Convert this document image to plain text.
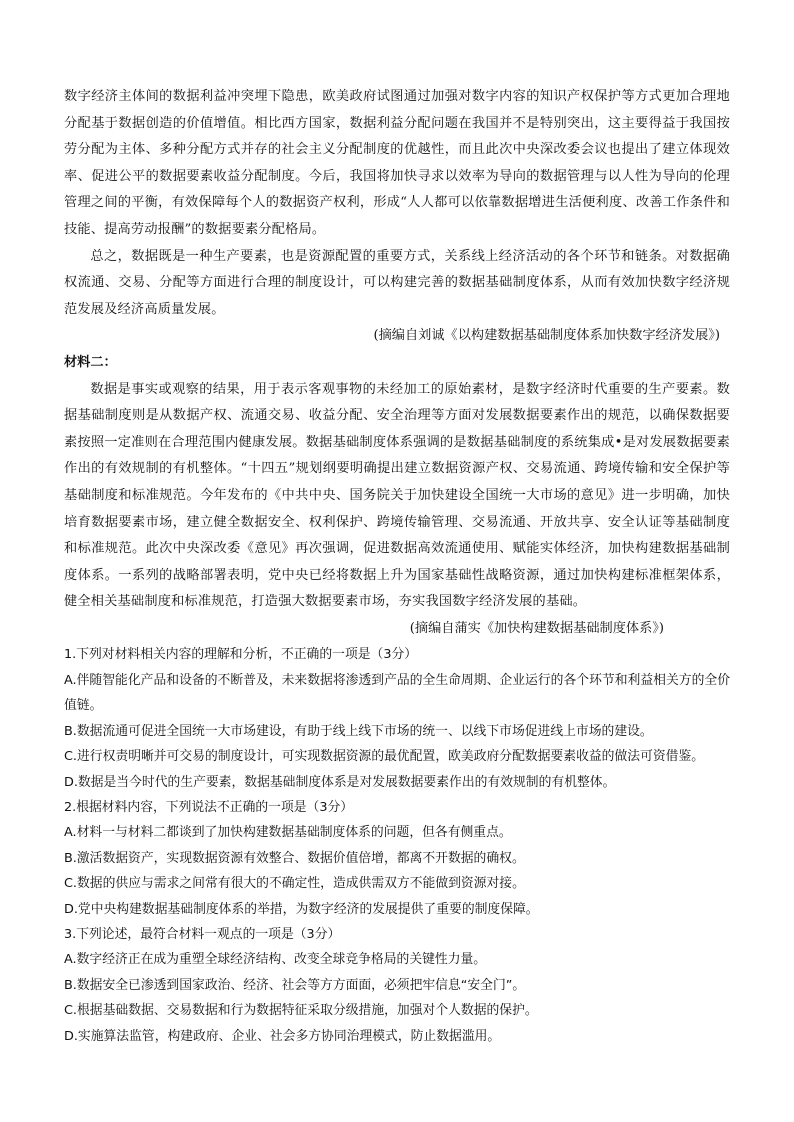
数字经济主体间的数据利益冲突埋下隐患，欧美政府试图通过加强对数字内容的知识产权保护等方式更加合理地分配基于数据创造的价值增值。相比西方国家，数据利益分配问题在我国并不是特别突出，这主要得益于我国按劳分配为主体、多种分配方式并存的社会主义分配制度的优越性，而且此次中央深改委会议也提出了建立体现效率、促进公平的数据要素收益分配制度。今后，我国将加快寻求以效率为导向的数据管理与以人性为导向的伦理管理之间的平衡，有效保障每个人的数据资产权利，形成“人人都可以依靠数据增进生活便利度、改善工作条件和技能、提高劳动报酬”的数据要素分配格局。

总之，数据既是一种生产要素，也是资源配置的重要方式，关系线上经济活动的各个环节和链条。对数据确权流通、交易、分配等方面进行合理的制度设计，可以构建完善的数据基础制度体系，从而有效加快数字经济规范发展及经济高质量发展。

(摘编自刘诚《以构建数据基础制度体系加快数字经济发展》)

材料二：

数据是事实或观察的结果，用于表示客观事物的未经加工的原始素材，是数字经济时代重要的生产要素。数据基础制度则是从数据产权、流通交易、收益分配、安全治理等方面对发展数据要素作出的规范，以确保数据要素按照一定准则在合理范围内健康发展。数据基础制度体系强调的是数据基础制度的系统集成•是对发展数据要素作出的有效规制的有机整体。“十四五”规划纲要明确提出建立数据资源产权、交易流通、跨境传输和安全保护等基础制度和标准规范。今年发布的《中共中央、国务院关于加快建设全国统一大市场的意见》进一步明确，加快培育数据要素市场，建立健全数据安全、权利保护、跨境传输管理、交易流通、开放共享、安全认证等基础制度和标准规范。此次中央深改委《意见》再次强调，促进数据高效流通使用、赋能实体经济，加快构建数据基础制度体系。一系列的战略部署表明，党中央已经将数据上升为国家基础性战略资源，通过加快构建标准框架体系，健全相关基础制度和标准规范，打造强大数据要素市场，夯实我国数字经济发展的基础。

(摘编自蒲实《加快构建数据基础制度体系》)

1.下列对材料相关内容的理解和分析，不正确的一项是（3分）

A.伴随智能化产品和设备的不断普及，未来数据将渗透到产品的全生命周期、企业运行的各个环节和利益相关方的全价值链。

B.数据流通可促进全国统一大市场建设，有助于线上线下市场的统一、以线下市场促进线上市场的建设。

C.进行权责明晰并可交易的制度设计，可实现数据资源的最优配置，欧美政府分配数据要素收益的做法可资借鉴。

D.数据是当今时代的生产要素，数据基础制度体系是对发展数据要素作出的有效规制的有机整体。

2.根据材料内容，下列说法不正确的一项是（3分）

A.材料一与材料二都谈到了加快构建数据基础制度体系的问题，但各有侧重点。

B.激活数据资产，实现数据资源有效整合、数据价值倍增，都离不开数据的确权。

C.数据的供应与需求之间常有很大的不确定性，造成供需双方不能做到资源对接。

D.党中央构建数据基础制度体系的举措，为数字经济的发展提供了重要的制度保障。

3.下列论述，最符合材料一观点的一项是（3分）

A.数字经济正在成为重塑全球经济结构、改变全球竞争格局的关键性力量。

B.数据安全已渗透到国家政治、经济、社会等方方面面，必须把牢信息“安全门”。

C.根据基础数据、交易数据和行为数据特征采取分级措施，加强对个人数据的保护。

D.实施算法监管，构建政府、企业、社会多方协同治理模式，防止数据滥用。
